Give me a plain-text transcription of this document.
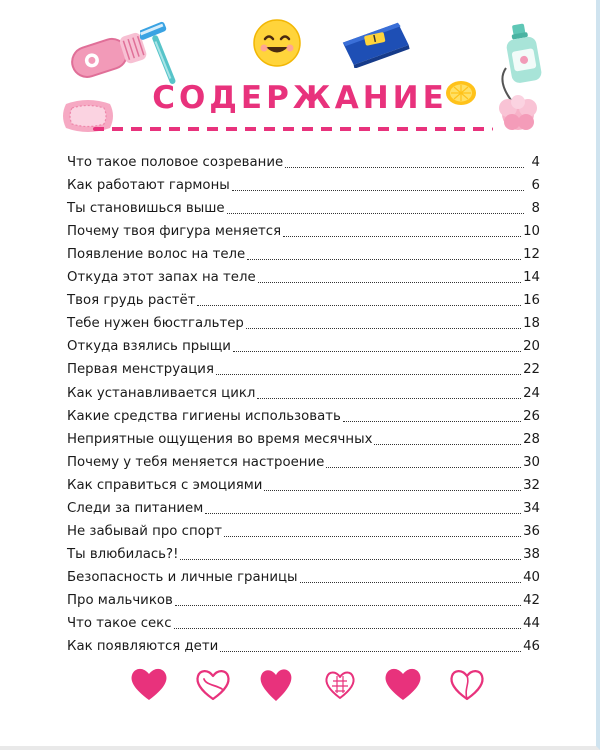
СОДЕРЖАНИЕ
Что такое половое созревание	4
Как работают гармоны	6
Ты становишься выше	8
Почему твоя фигура меняется	10
Появление волос на теле	12
Откуда этот запах на теле	14
Твоя грудь растёт	16
Тебе нужен бюстгальтер	18
Откуда взялись прыщи	20
Первая менструация	22
Как устанавливается цикл	24
Какие средства гигиены использовать	26
Неприятные ощущения во время месячных	28
Почему у тебя меняется настроение	30
Как справиться с эмоциями	32
Следи за питанием	34
Не забывай про спорт	36
Ты влюбилась?!	38
Безопасность и личные границы	40
Про мальчиков	42
Что такое секс	44
Как появляются дети	46
